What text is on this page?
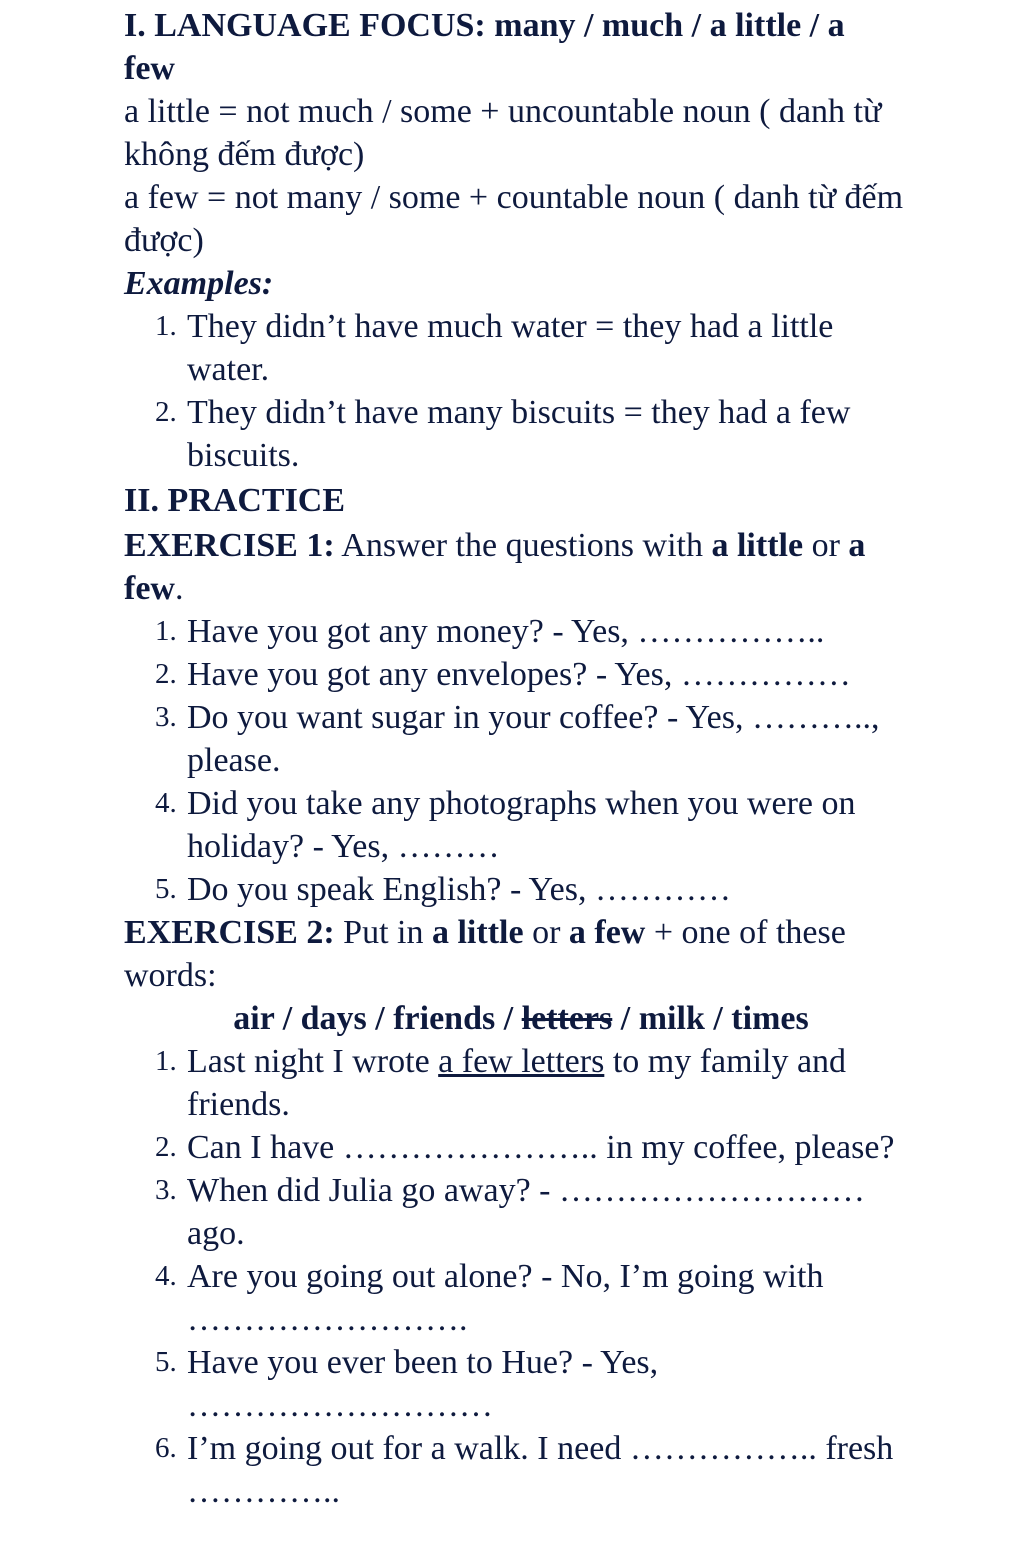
I. LANGUAGE FOCUS: many / much / a little / a few

a little = not much / some + uncountable noun ( danh từ không đếm được)

a few = not many / some + countable noun ( danh từ đếm được)

Examples:

1. They didn’t have much water = they had a little water.
2. They didn’t have many biscuits = they had a few biscuits.

II. PRACTICE

EXERCISE 1: Answer the questions with a little or a few.

1. Have you got any money? - Yes, ……………..
2. Have you got any envelopes? - Yes, ……………
3. Do you want sugar in your coffee? - Yes, ……….., please.
4. Did you take any photographs when you were on holiday? - Yes, ………
5. Do you speak English? - Yes, …………

EXERCISE 2: Put in a little or a few + one of these words:

air / days / friends / letters / milk / times

1. Last night I wrote a few letters to my family and friends.
2. Can I have ………………….. in my coffee, please?
3. When did Julia go away? - ……………………… ago.
4. Are you going out alone? - No, I’m going with …………………….
5. Have you ever been to Hue? - Yes, ………………………
6. I’m going out for a walk. I need …………….. fresh …………..
